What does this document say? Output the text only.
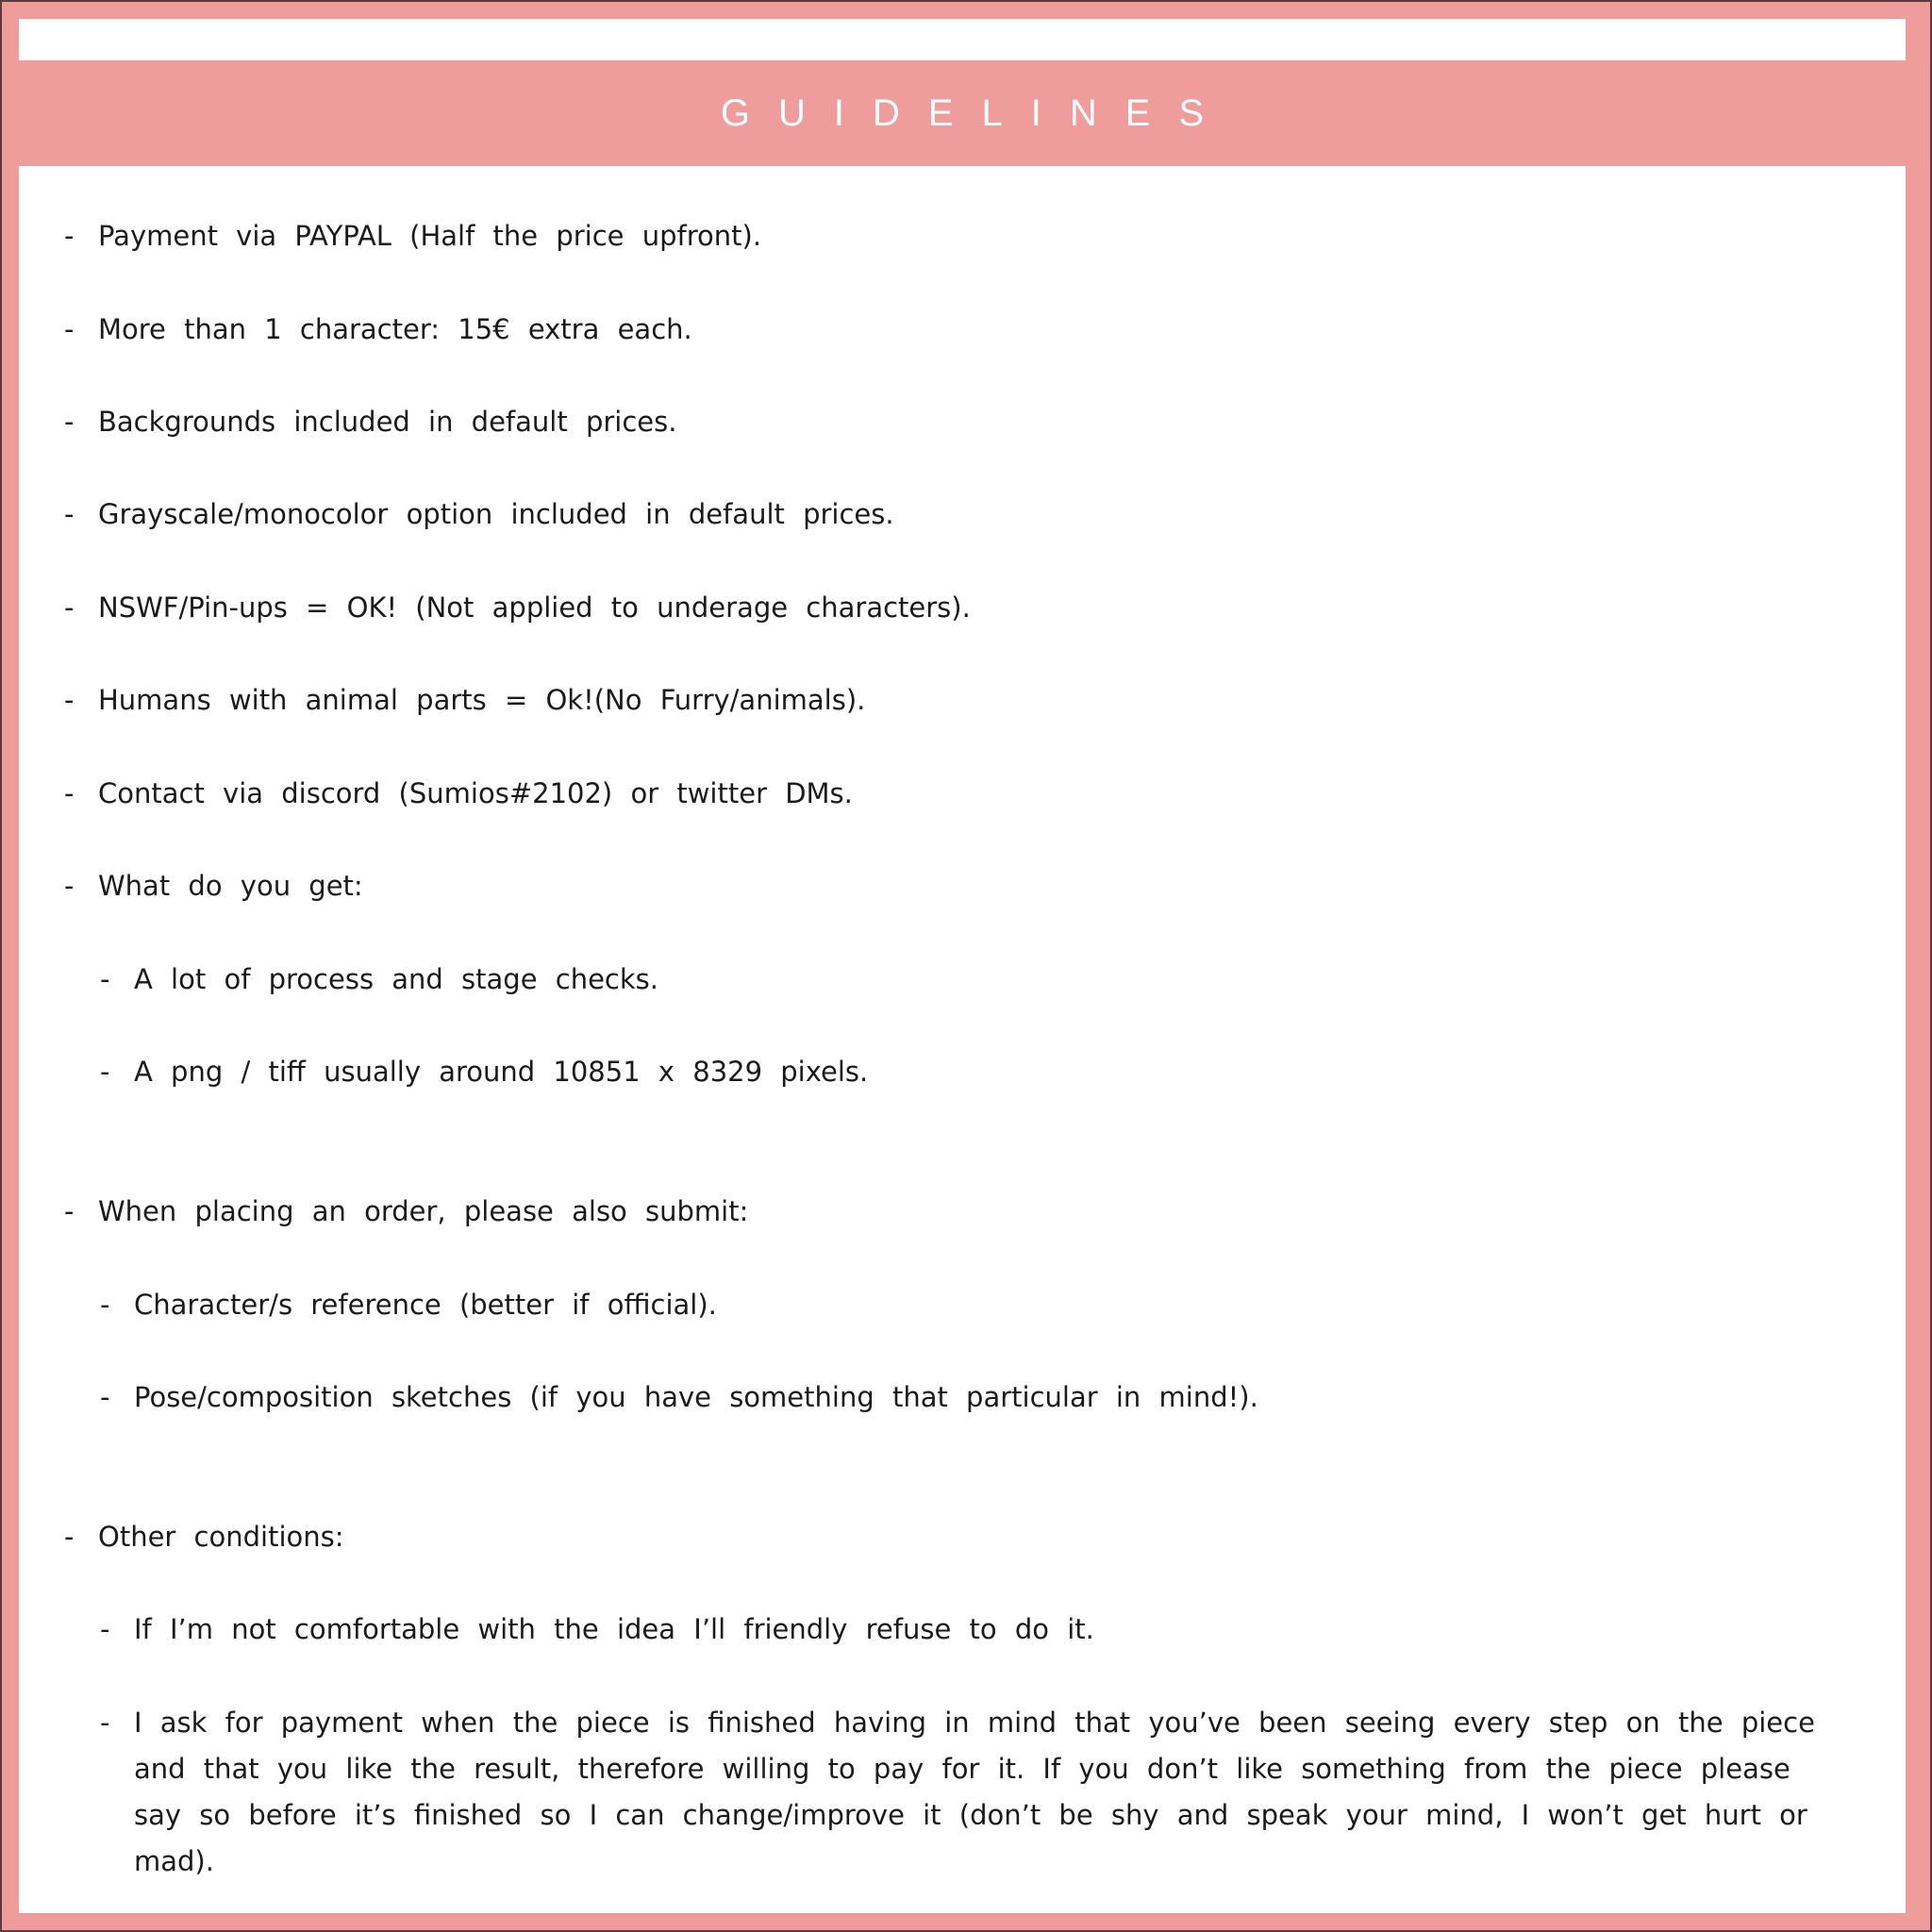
GUIDELINES
- Payment via PAYPAL (Half the price upfront).
- More than 1 character: 15€ extra each.
- Backgrounds included in default prices.
- Grayscale/monocolor option included in default prices.
- NSWF/Pin-ups = OK! (Not applied to underage characters).
- Humans with animal parts = Ok!(No Furry/animals).
- Contact via discord (Sumios#2102) or twitter DMs.
- What do you get:
- A lot of process and stage checks.
- A png / tiff usually around 10851 x 8329 pixels.
- When placing an order, please also submit:
- Character/s reference (better if official).
- Pose/composition sketches (if you have something that particular in mind!).
- Other conditions:
- If I’m not comfortable with the idea I’ll friendly refuse to do it.
- I ask for payment when the piece is finished having in mind that you’ve been seeing every step on the piece and that you like the result, therefore willing to pay for it. If you don’t like something from the piece please say so before it’s finished so I can change/improve it (don’t be shy and speak your mind, I won’t get hurt or mad).
